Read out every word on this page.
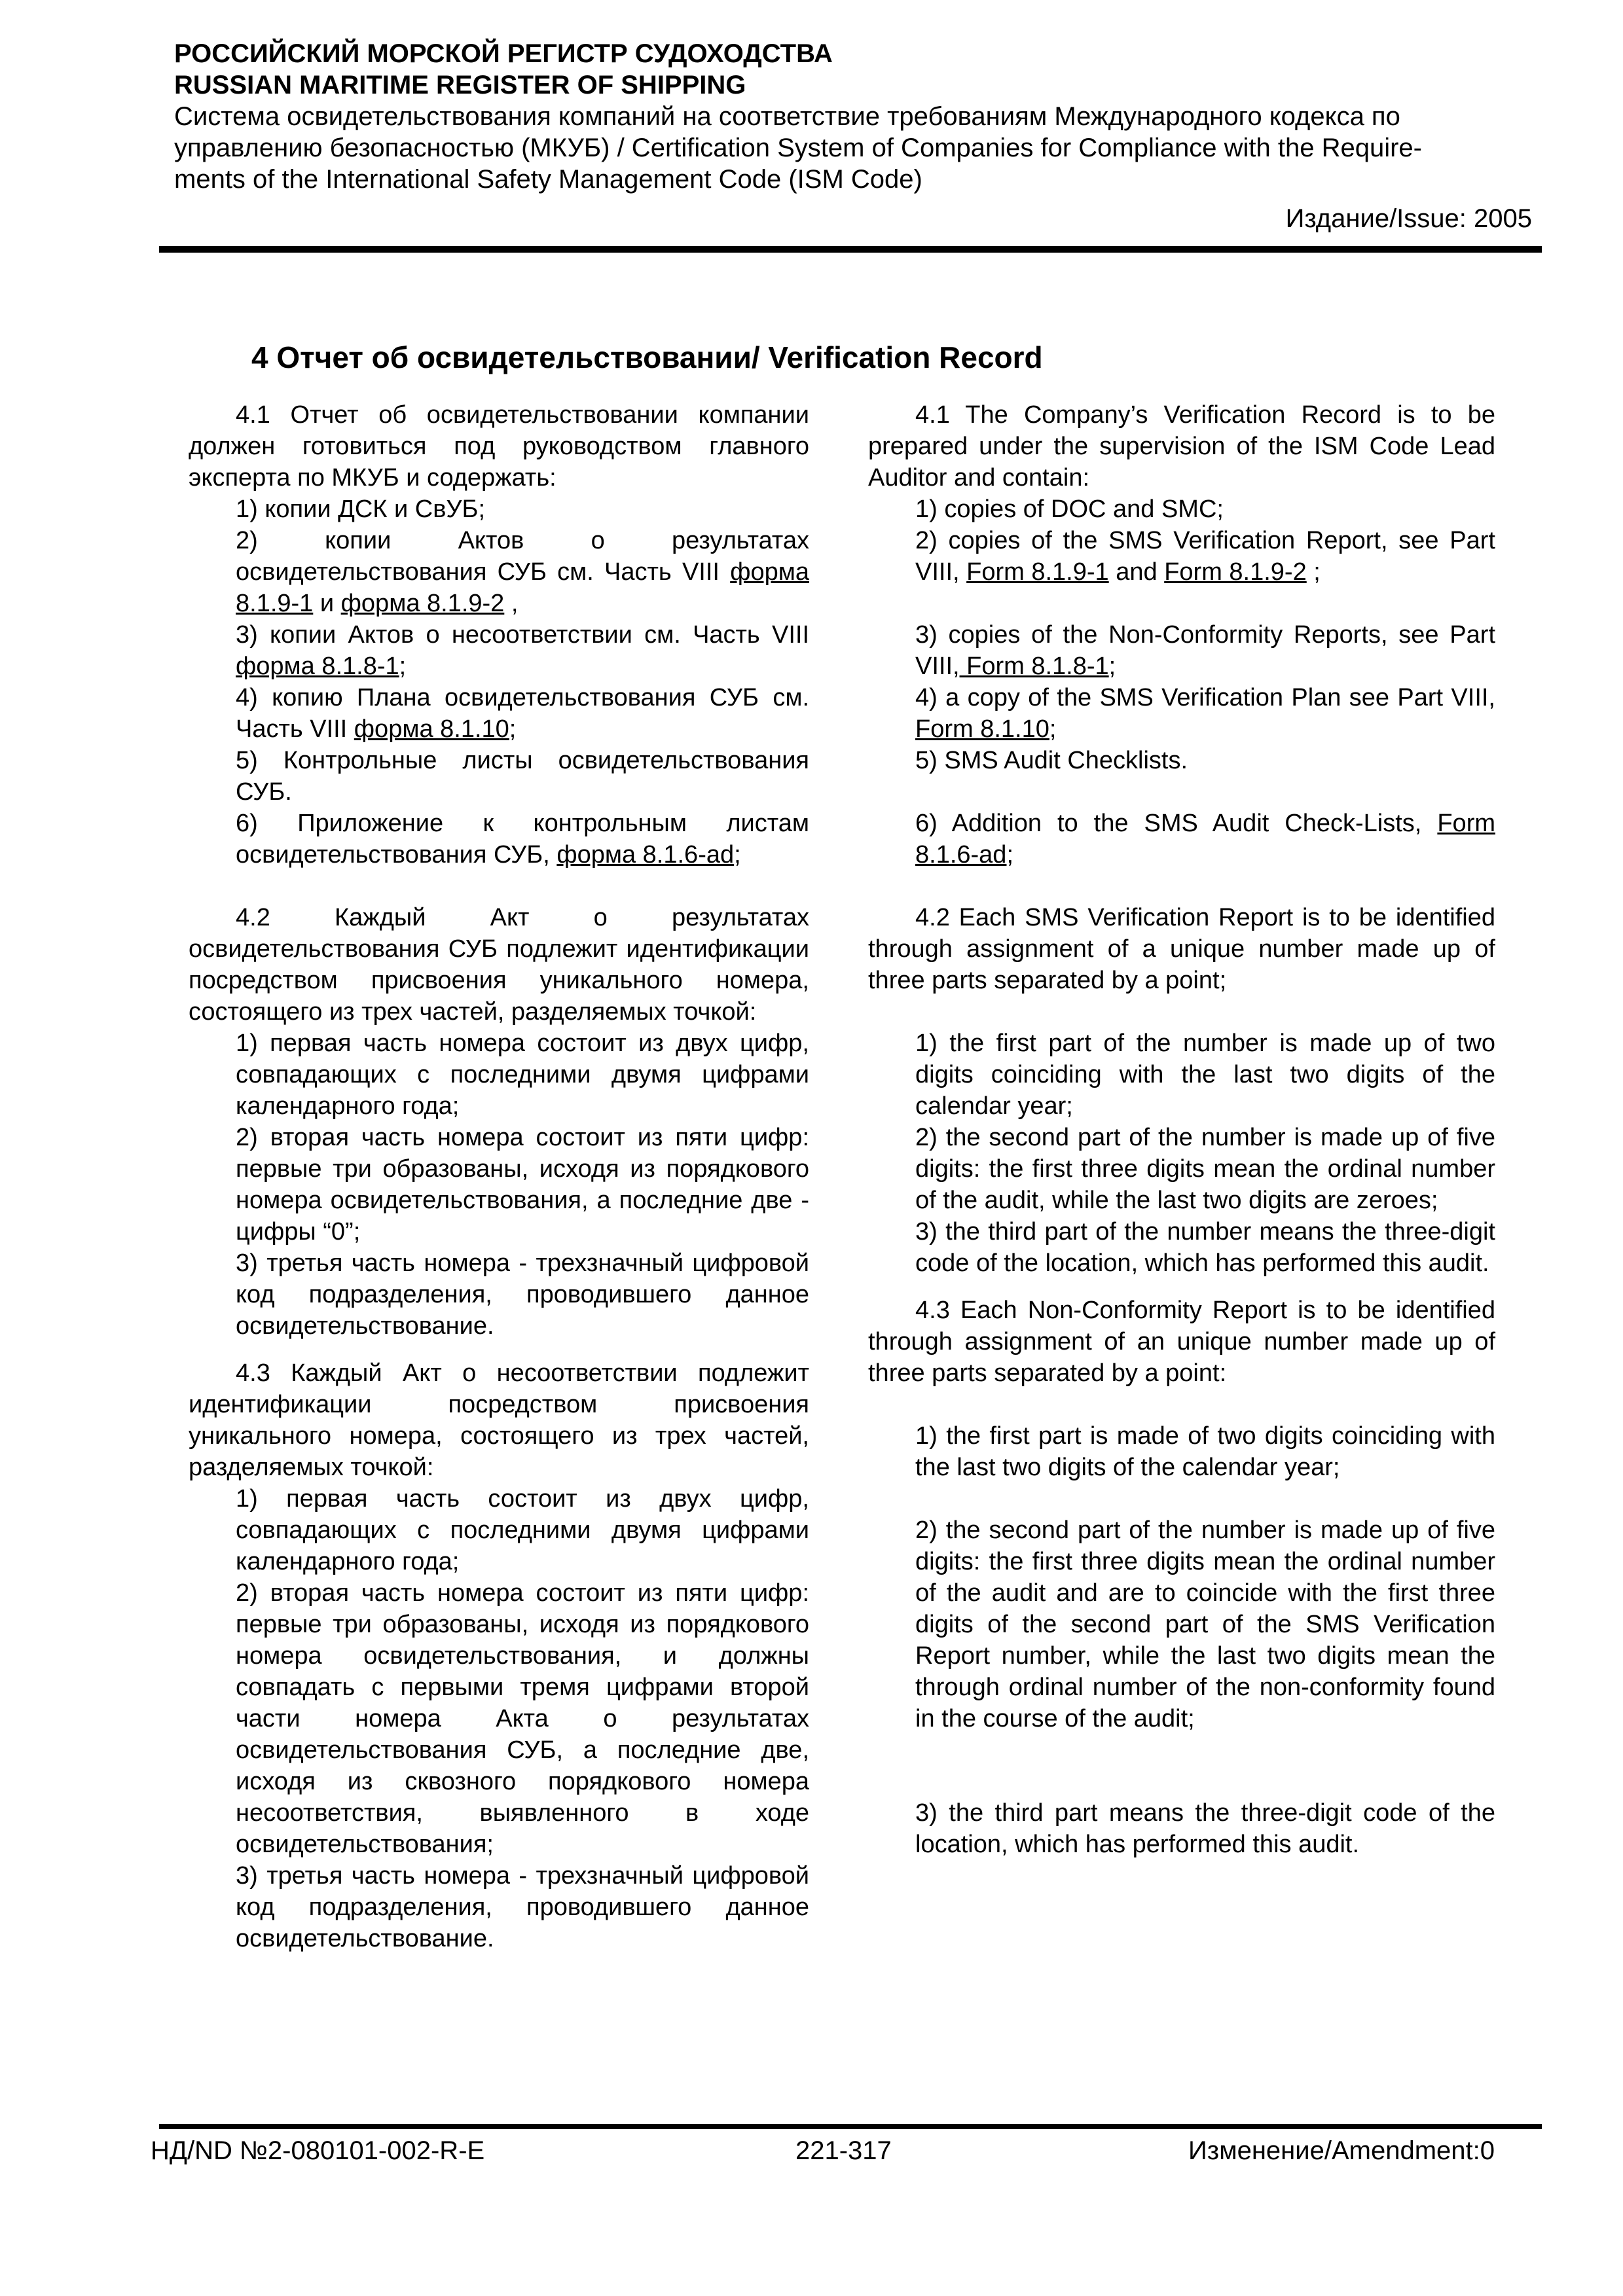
РОССИЙСКИЙ МОРСКОЙ РЕГИСТР СУДОХОДСТВА
RUSSIAN MARITIME REGISTER OF SHIPPING
Система освидетельствования компаний на соответствие требованиям Международного кодекса по
управлению безопасностью (МКУБ) / Certification System of Companies for Compliance with the Require-
ments of the International Safety Management Code (ISM Code)
Издание/Issue: 2005
4 Отчет об освидетельствовании/ Verification Record

4.1 Отчет об освидетельствовании компании должен готовиться под руководством главного эксперта по МКУБ и содержать:

1) копии ДСК и СвУБ;

2) копии Актов о результатах освидетельствования СУБ см. Часть VIII форма 8.1.9-1 и форма 8.1.9-2 ,

3) копии Актов о несоответствии см. Часть VIII форма 8.1.8-1;

4) копию Плана освидетельствования СУБ см. Часть VIII форма 8.1.10;

5) Контрольные листы освидетельствования СУБ.

6) Приложение к контрольным листам освидетельствования СУБ, форма 8.1.6-ad;

4.2 Каждый Акт о результатах освидетельствования СУБ подлежит идентификации посредством присвоения уникального номера, состоящего из трех частей, разделяемых точкой:

1) первая часть номера состоит из двух цифр, совпадающих с последними двумя цифрами календарного года;

2) вторая часть номера состоит из пяти цифр: первые три образованы, исходя из порядкового номера освидетельствования, а последние две - цифры “0”;

3) третья часть номера - трехзначный цифровой код подразделения, проводившего данное освидетельствование.

4.3 Каждый Акт о несоответствии подлежит идентификации посредством присвоения уникального номера, состоящего из трех частей, разделяемых точкой:

1) первая часть состоит из двух цифр, совпадающих с последними двумя цифрами календарного года;

2) вторая часть номера состоит из пяти цифр: первые три образованы, исходя из порядкового номера освидетельствования, и должны совпадать с первыми тремя цифрами второй части номера Акта о результатах освидетельствования СУБ, а последние две, исходя из сквозного порядкового номера несоответствия, выявленного в ходе освидетельствования;

3) третья часть номера - трехзначный цифровой код подразделения, проводившего данное освидетельствование.

4.1 The Company’s Verification Record is to be prepared under the supervision of the ISM Code Lead Auditor and contain:

1) copies of DOC and SMC;

2) copies of the SMS Verification Report, see Part VIII, Form 8.1.9-1 and Form 8.1.9-2 ;

3) copies of the Non-Conformity Reports, see Part VIII, Form 8.1.8-1;

4) a copy of the SMS Verification Plan see Part VIII, Form 8.1.10;

5) SMS Audit Checklists.

6) Addition to the SMS Audit Check-Lists, Form 8.1.6-ad;

4.2 Each SMS Verification Report is to be identified through assignment of a unique number made up of three parts separated by a point;

1) the first part of the number is made up of two digits coinciding with the last two digits of the calendar year;

2) the second part of the number is made up of five digits: the first three digits mean the ordinal number of the audit, while the last two digits are zeroes;

3) the third part of the number means the three-digit code of the location, which has performed this audit.

4.3 Each Non-Conformity Report is to be identified through assignment of an unique number made up of three parts separated by a point:

1) the first part is made of two digits coinciding with the last two digits of the calendar year;

2) the second part of the number is made up of five digits: the first three digits mean the ordinal number of the audit and are to coincide with the first three digits of the second part of the SMS Verification Report number, while the last two digits mean the through ordinal number of the non-conformity found in the course of the audit;

3) the third part means the three-digit code of the location, which has performed this audit.

НД/ND №2-080101-002-R-E	221-317	Изменение/Amendment:0
